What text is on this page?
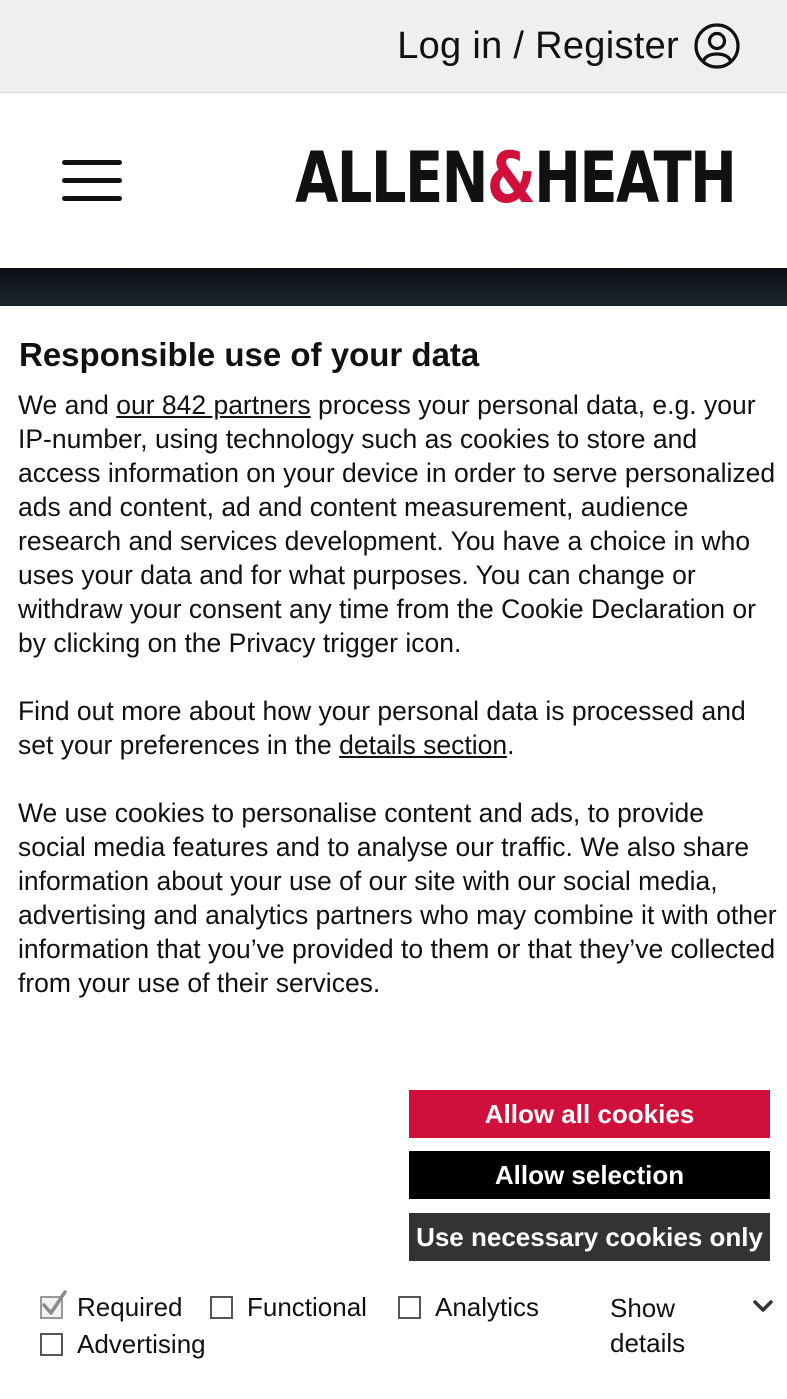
Log in / Register
ALLEN & HEATH
Responsible use of your data

We and our 842 partners process your personal data, e.g. your IP-number, using technology such as cookies to store and access information on your device in order to serve personalized ads and content, ad and content measurement, audience research and services development. You have a choice in who uses your data and for what purposes. You can change or withdraw your consent any time from the Cookie Declaration or by clicking on the Privacy trigger icon.

Find out more about how your personal data is processed and set your preferences in the details section.

We use cookies to personalise content and ads, to provide social media features and to analyse our traffic. We also share information about your use of our site with our social media, advertising and analytics partners who may combine it with other information that you’ve provided to them or that they’ve collected from your use of their services.

Allow all cookies
Allow selection
Use necessary cookies only
Required Functional	Analytics
Advertising
Show details
